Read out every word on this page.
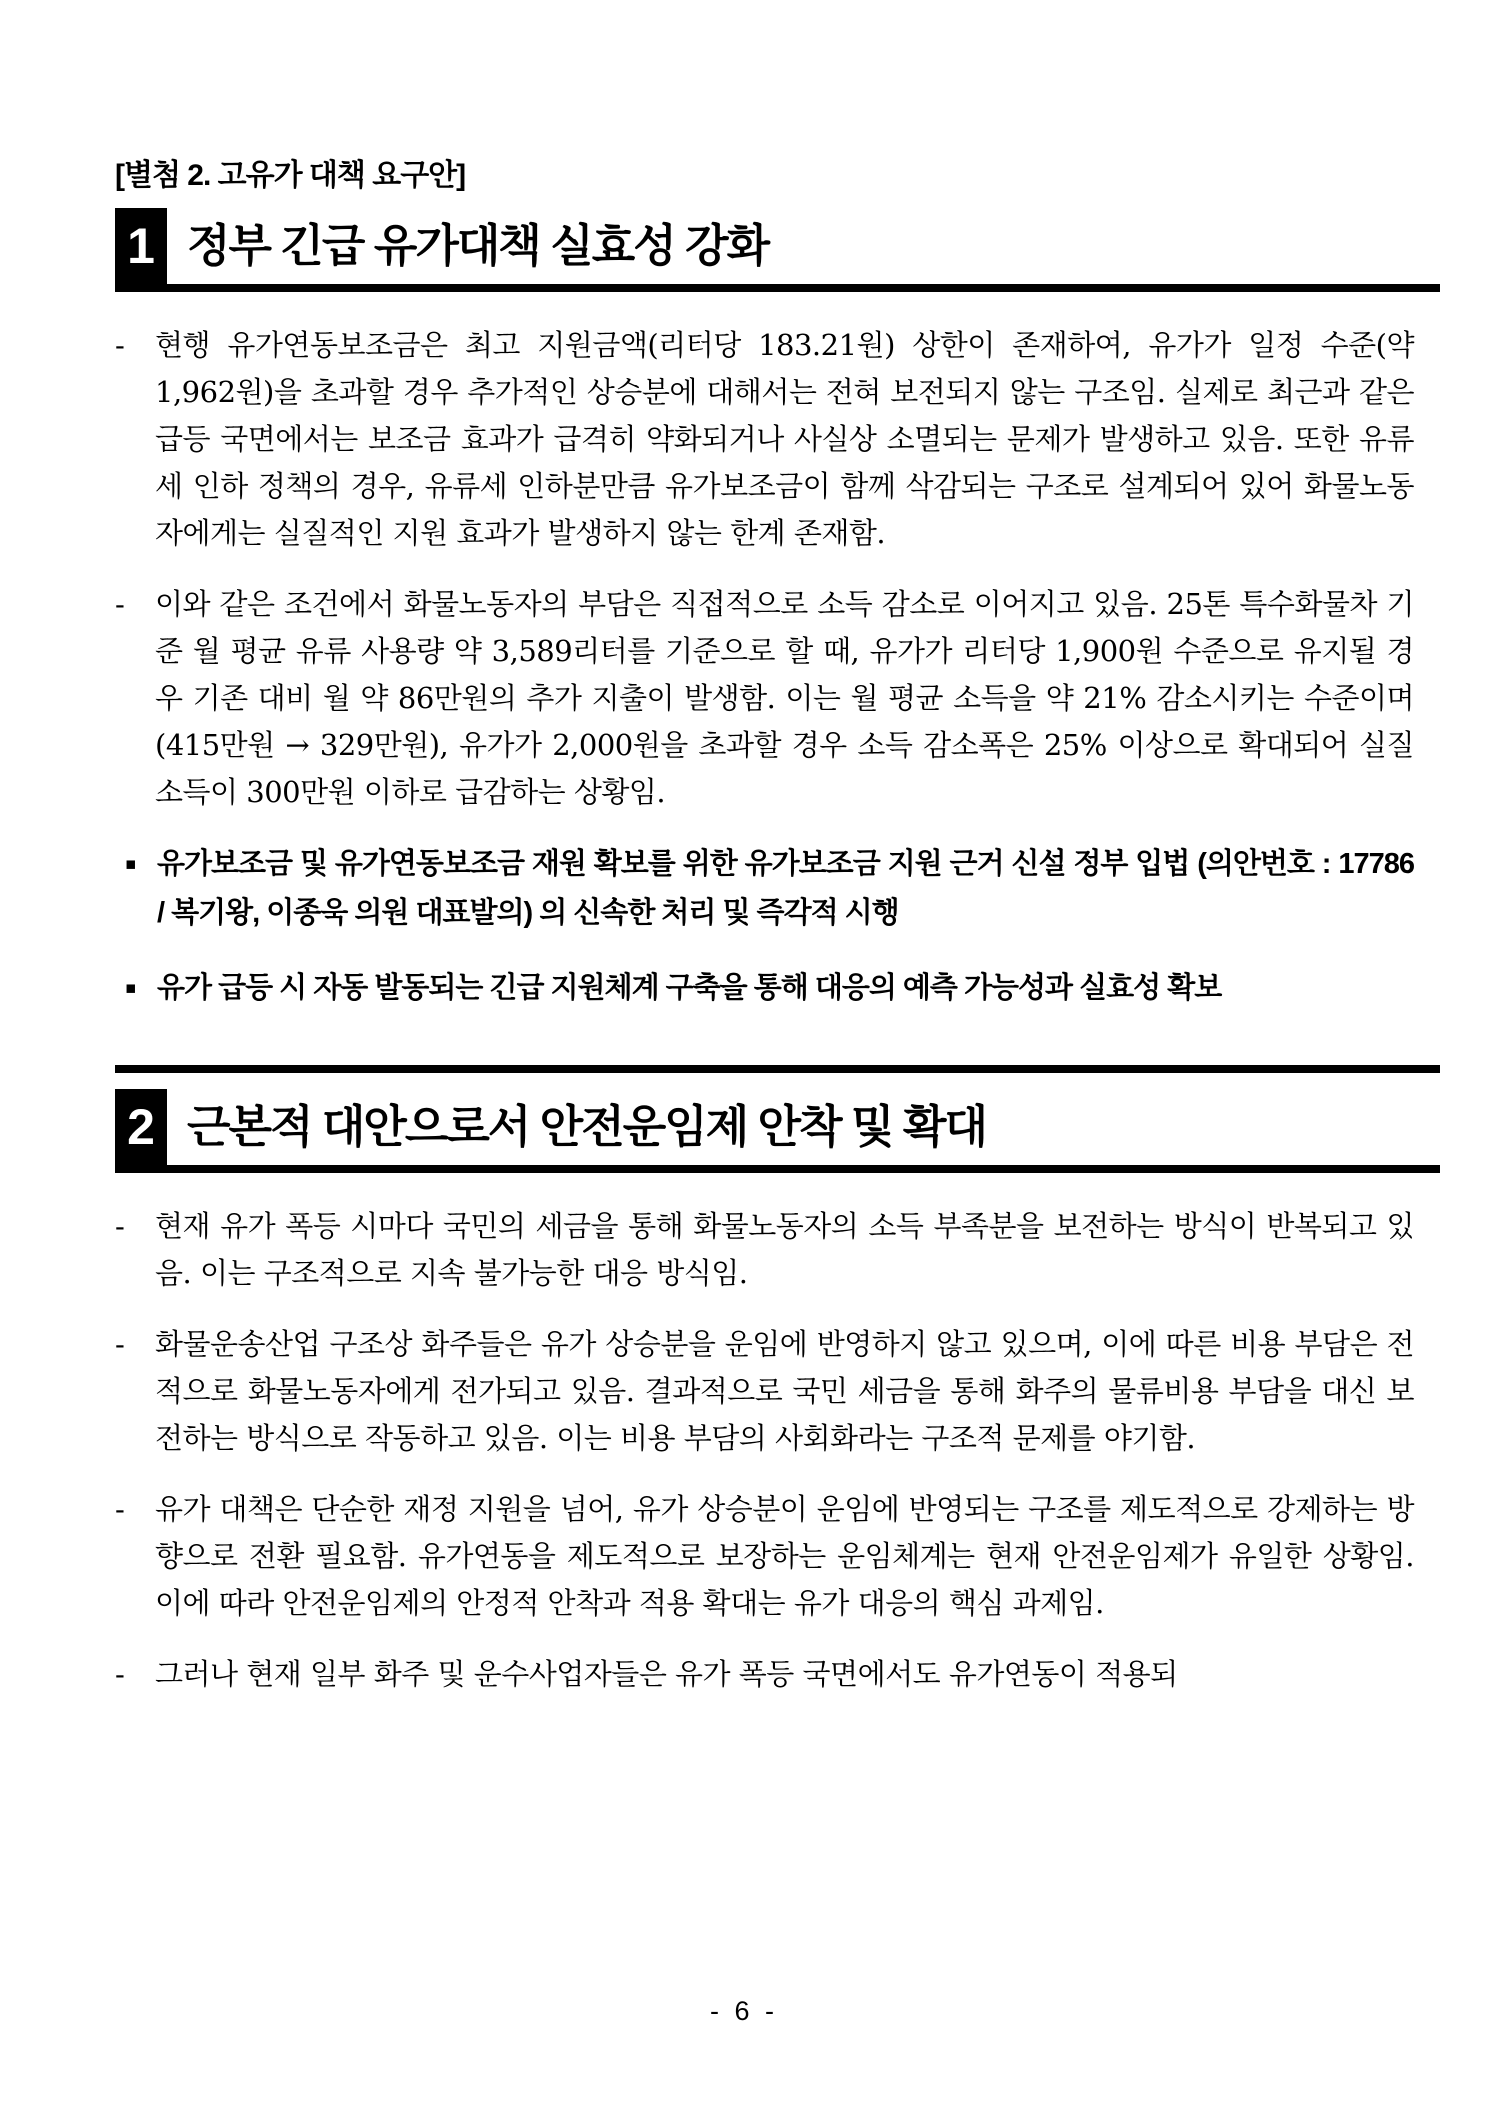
[별첨 2. 고유가 대책 요구안]
1 정부 긴급 유가대책 실효성 강화
-	현행 유가연동보조금은 최고 지원금액(리터당 183.21원) 상한이 존재하여, 유가가 일정 수준(약 1,962원)을 초과할 경우 추가적인 상승분에 대해서는 전혀 보전되지 않는 구조임. 실제로 최근과 같은 급등 국면에서는 보조금 효과가 급격히 약화되거나 사실상 소멸되는 문제가 발생하고 있음. 또한 유류세 인하 정책의 경우, 유류세 인하분만큼 유가보조금이 함께 삭감되는 구조로 설계되어 있어 화물노동자에게는 실질적인 지원 효과가 발생하지 않는 한계 존재함.
-	이와 같은 조건에서 화물노동자의 부담은 직접적으로 소득 감소로 이어지고 있음. 25톤 특수화물차 기준 월 평균 유류 사용량 약 3,589리터를 기준으로 할 때, 유가가 리터당 1,900원 수준으로 유지될 경우 기존 대비 월 약 86만원의 추가 지출이 발생함. 이는 월 평균 소득을 약 21% 감소시키는 수준이며(415만원 → 329만원), 유가가 2,000원을 초과할 경우 소득 감소폭은 25% 이상으로 확대되어 실질 소득이 300만원 이하로 급감하는 상황임.
▪ 유가보조금 및 유가연동보조금 재원 확보를 위한 유가보조금 지원 근거 신설 정부 입법 (의안번호 : 17786 / 복기왕, 이종욱 의원 대표발의) 의 신속한 처리 및 즉각적 시행
▪ 유가 급등 시 자동 발동되는 긴급 지원체계 구축을 통해 대응의 예측 가능성과 실효성 확보
2 근본적 대안으로서 안전운임제 안착 및 확대
-	현재 유가 폭등 시마다 국민의 세금을 통해 화물노동자의 소득 부족분을 보전하는 방식이 반복되고 있음. 이는 구조적으로 지속 불가능한 대응 방식임.
-	화물운송산업 구조상 화주들은 유가 상승분을 운임에 반영하지 않고 있으며, 이에 따른 비용 부담은 전적으로 화물노동자에게 전가되고 있음. 결과적으로 국민 세금을 통해 화주의 물류비용 부담을 대신 보전하는 방식으로 작동하고 있음. 이는 비용 부담의 사회화라는 구조적 문제를 야기함.
-	유가 대책은 단순한 재정 지원을 넘어, 유가 상승분이 운임에 반영되는 구조를 제도적으로 강제하는 방향으로 전환 필요함. 유가연동을 제도적으로 보장하는 운임체계는 현재 안전운임제가 유일한 상황임. 이에 따라 안전운임제의 안정적 안착과 적용 확대는 유가 대응의 핵심 과제임.
-	그러나 현재 일부 화주 및 운수사업자들은 유가 폭등 국면에서도 유가연동이 적용되
- 6 -
